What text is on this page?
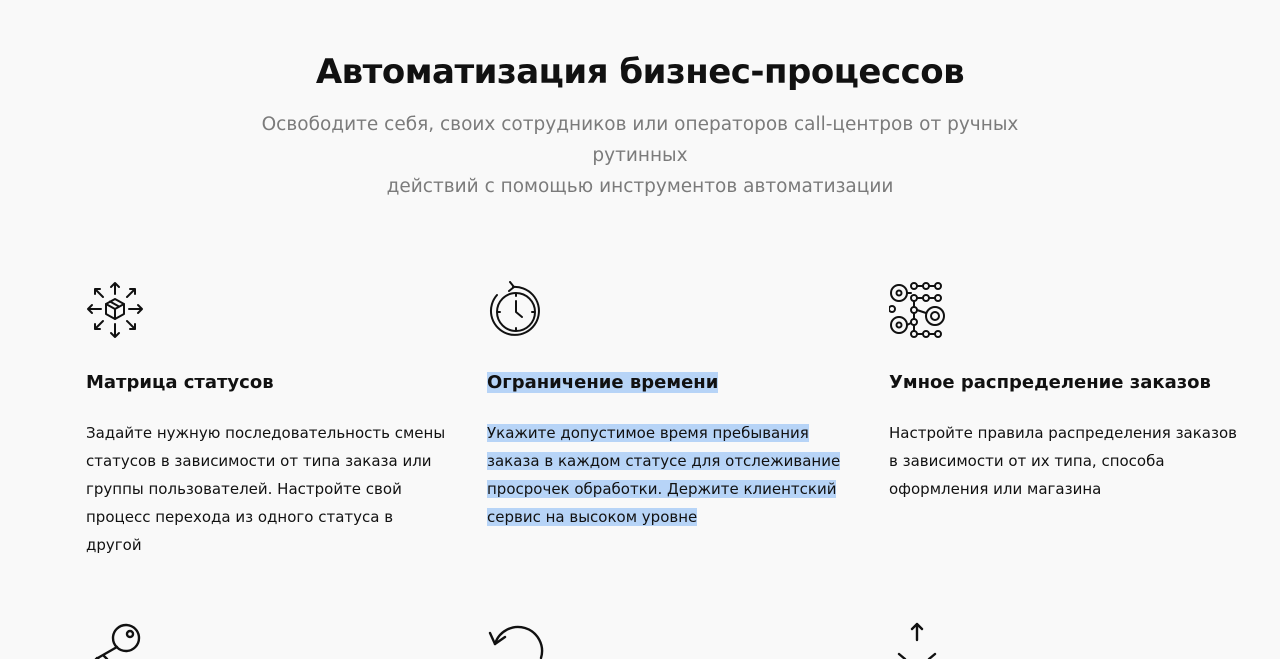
Автоматизация бизнес-процессов
Освободите себя, своих сотрудников или операторов call-центров от ручных рутинных
действий с помощью инструментов автоматизации
Матрица статусов
Задайте нужную последовательность смены
статусов в зависимости от типа заказа или
группы пользователей. Настройте свой
процесс перехода из одного статуса в
другой
Ограничение времени
Укажите допустимое время пребывания
заказа в каждом статусе для отслеживание
просрочек обработки. Держите клиентский
сервис на высоком уровне
Умное распределение заказов
Настройте правила распределения заказов
в зависимости от их типа, способа
оформления или магазина
